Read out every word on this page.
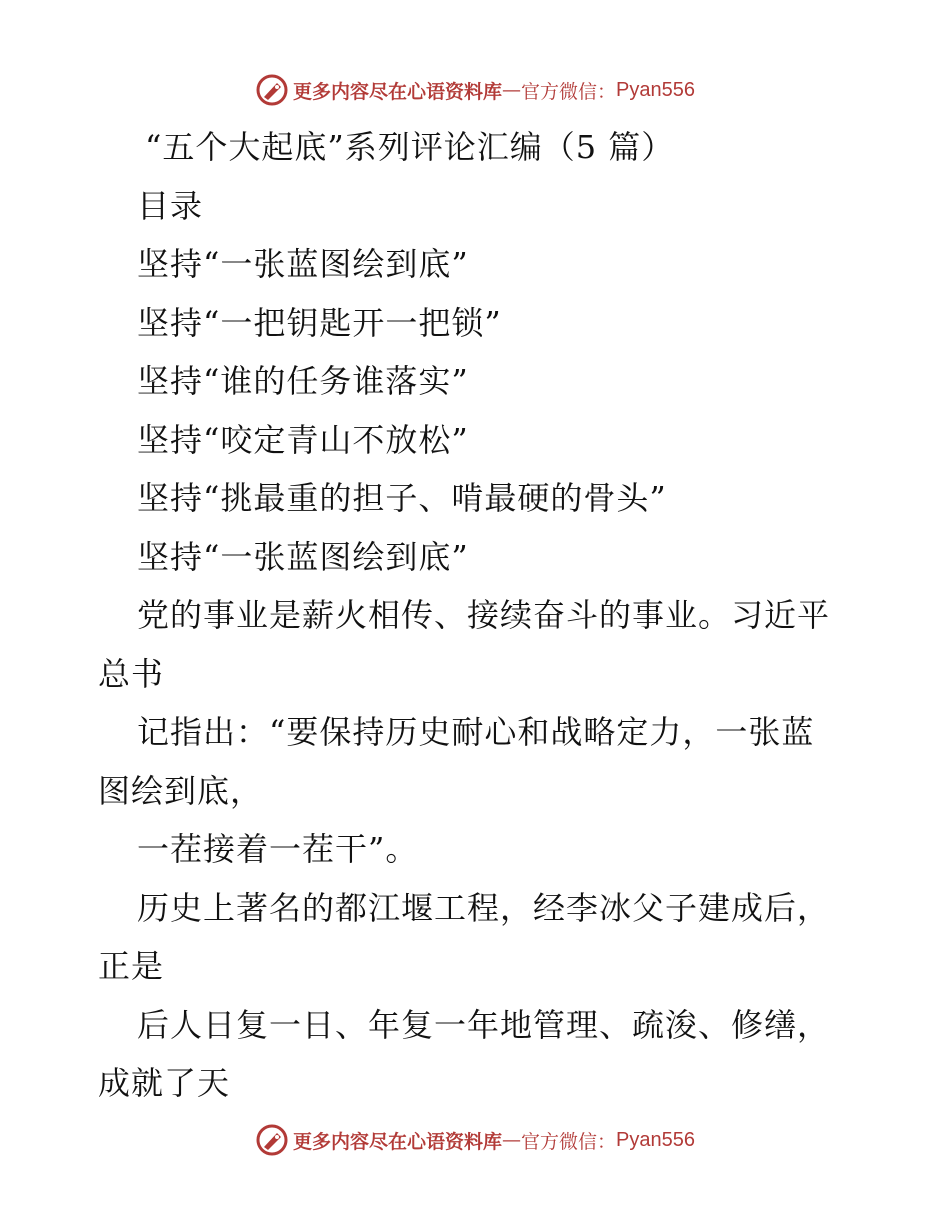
更多内容尽在心语资料库 — 官方微信： Pyan556
“五个大起底”系列评论汇编（5 篇）
目录
坚持“一张蓝图绘到底”
坚持“一把钥匙开一把锁”
坚持“谁的任务谁落实”
坚持“咬定青山不放松”
坚持“挑最重的担子、啃最硬的骨头”
坚持“一张蓝图绘到底”
党的事业是薪火相传、接续奋斗的事业。习近平
总书
记指出：“要保持历史耐心和战略定力，一张蓝
图绘到底，
一茬接着一茬干”。
历史上著名的都江堰工程，经李冰父子建成后，
正是
后人日复一日、年复一年地管理、疏浚、修缮，
成就了天
更多内容尽在心语资料库 — 官方微信： Pyan556
